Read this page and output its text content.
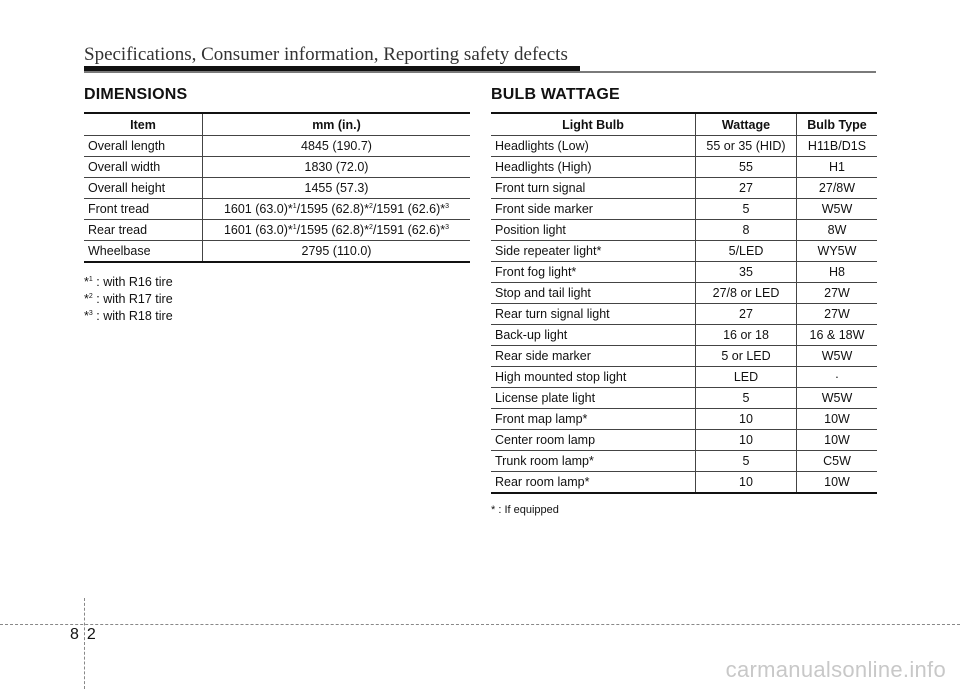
Specifications, Consumer information, Reporting safety defects
DIMENSIONS	BULB WATTAGE
Item	mm (in.)
Overall length	4845 (190.7)
Overall width	1830 (72.0)
Overall height	1455 (57.3)
Front tread	1601 (63.0)*$^1$/1595 (62.8)*$^2$/1591 (62.6)*$^3$
Rear tread	1601 (63.0)*$^1$/1595 (62.8)*$^2$/1591 (62.6)*$^3$
Wheelbase	2795 (110.0)
*$^1$ : with R16 tire
*$^2$ : with R17 tire
*$^3$ : with R18 tire
Light Bulb	Wattage	Bulb Type
Headlights (Low)	55 or 35 (HID)	H11B/D1S
Headlights (High)	55	H1
Front turn signal	27	27/8W
Front side marker	5	W5W
Position light	8	8W
Side repeater light*	5/LED	WY5W
Front fog light*	35	H8
Stop and tail light	27/8 or LED	27W
Rear turn signal light	27	27W
Back-up light	16 or 18	16 & 18W
Rear side marker	5 or LED	W5W
High mounted stop light	LED	·
License plate light	5	W5W
Front map lamp*	10	10W
Center room lamp	10	10W
Trunk room lamp*	5	C5W
Rear room lamp*	10	10W
* : If equipped
82
carmanualsonline.info
